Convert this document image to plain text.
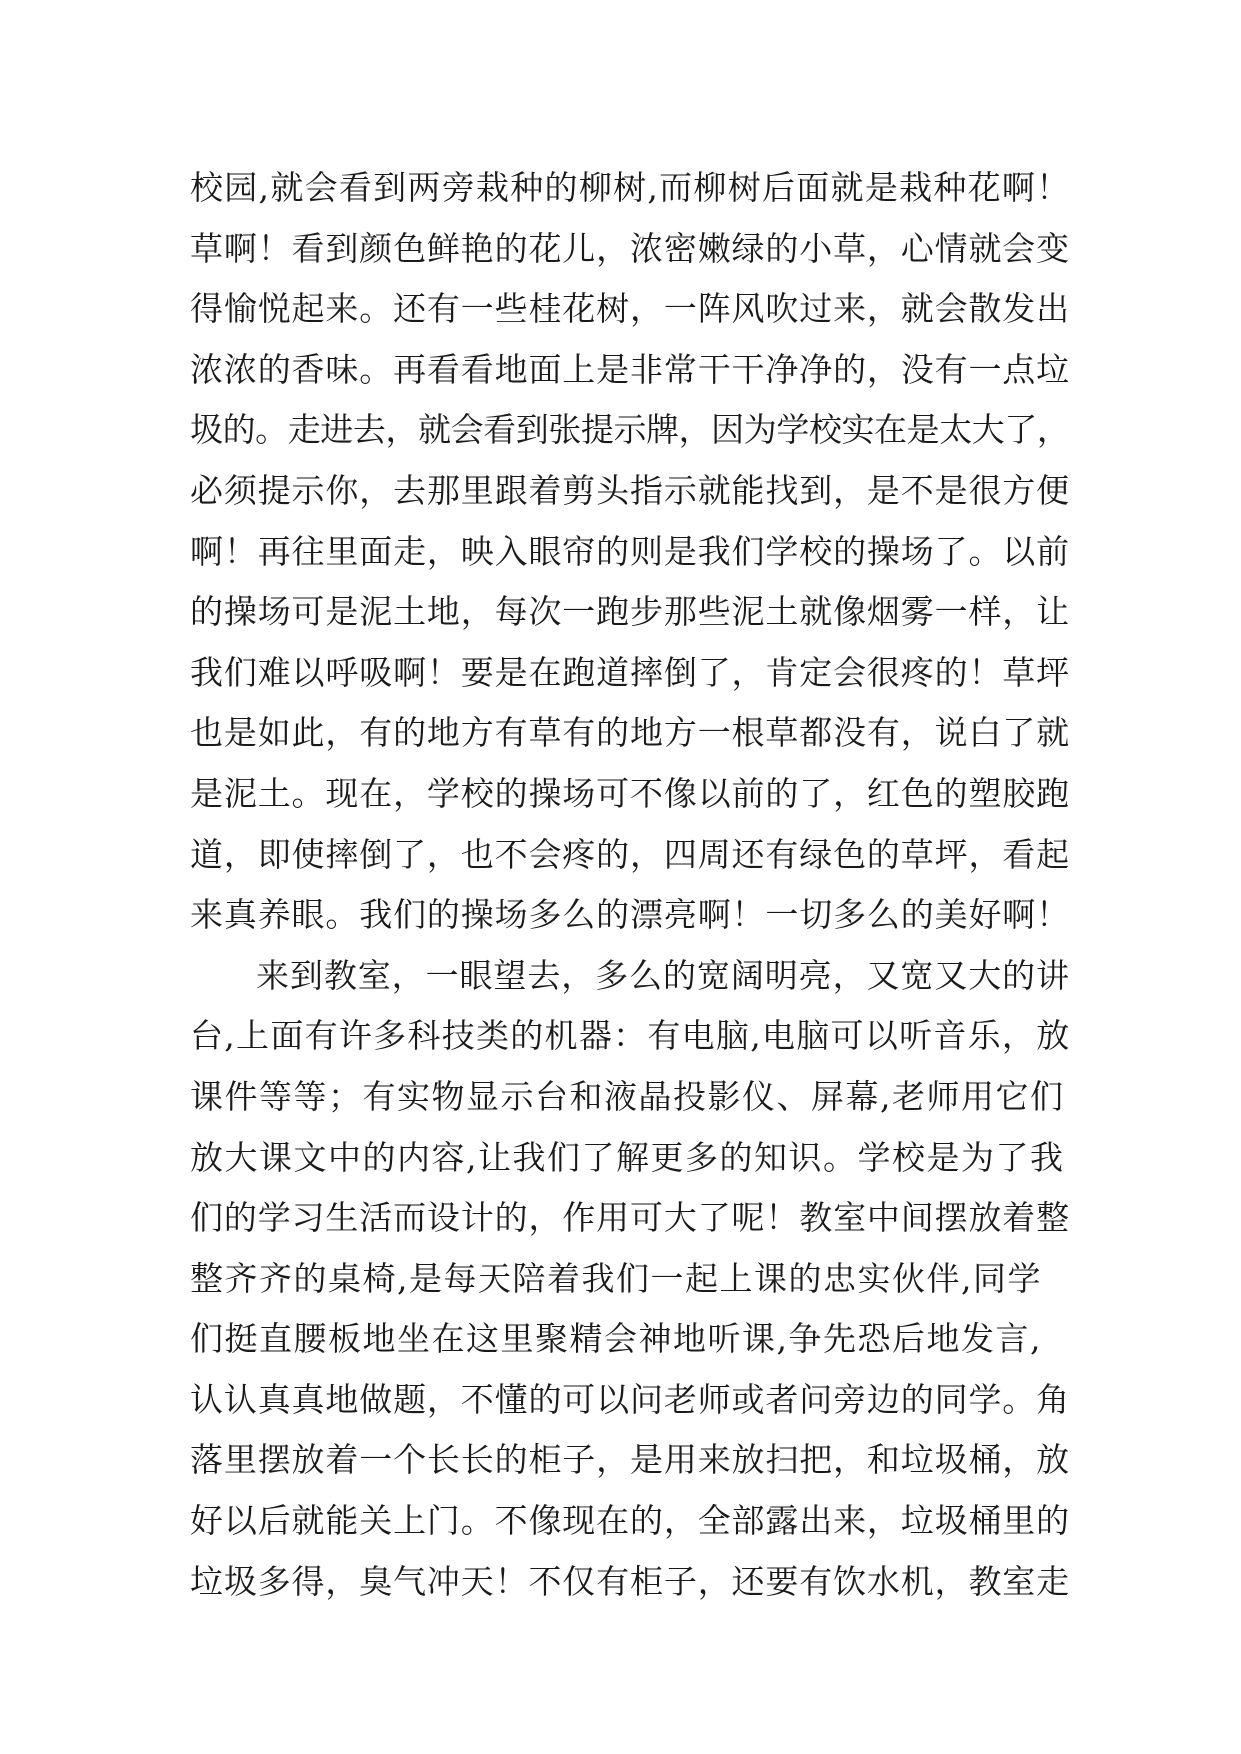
校园,就会看到两旁栽种的柳树,而柳树后面就是栽种花啊！
草啊！看到颜色鲜艳的花儿，浓密嫩绿的小草，心情就会变
得愉悦起来。还有一些桂花树，一阵风吹过来，就会散发出
浓浓的香味。再看看地面上是非常干干净净的，没有一点垃
圾的。走进去，就会看到张提示牌，因为学校实在是太大了，
必须提示你，去那里跟着剪头指示就能找到，是不是很方便
啊！再往里面走，映入眼帘的则是我们学校的操场了。以前
的操场可是泥土地，每次一跑步那些泥土就像烟雾一样，让
我们难以呼吸啊！要是在跑道摔倒了，肯定会很疼的！草坪
也是如此，有的地方有草有的地方一根草都没有，说白了就
是泥土。现在，学校的操场可不像以前的了，红色的塑胶跑
道，即使摔倒了，也不会疼的，四周还有绿色的草坪，看起
来真养眼。我们的操场多么的漂亮啊！一切多么的美好啊！
来到教室，一眼望去，多么的宽阔明亮，又宽又大的讲
台,上面有许多科技类的机器：有电脑,电脑可以听音乐，放
课件等等；有实物显示台和液晶投影仪、屏幕,老师用它们
放大课文中的内容,让我们了解更多的知识。学校是为了我
们的学习生活而设计的，作用可大了呢！教室中间摆放着整
整齐齐的桌椅,是每天陪着我们一起上课的忠实伙伴,同学
们挺直腰板地坐在这里聚精会神地听课,争先恐后地发言,
认认真真地做题，不懂的可以问老师或者问旁边的同学。角
落里摆放着一个长长的柜子，是用来放扫把，和垃圾桶，放
好以后就能关上门。不像现在的，全部露出来，垃圾桶里的
垃圾多得，臭气冲天！不仅有柜子，还要有饮水机，教室走
